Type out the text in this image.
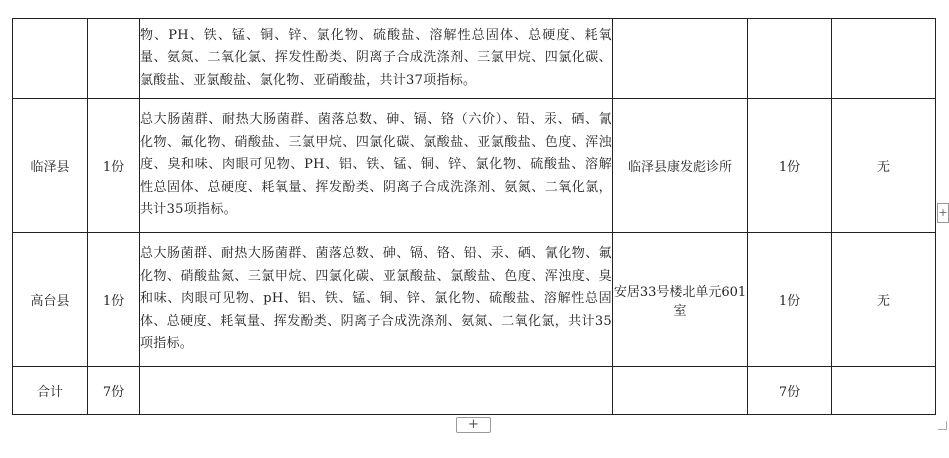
		物、PH、铁、锰、铜、锌、氯化物、硫酸盐、溶解性总固体、总硬度、耗氧量、氨氮、二氧化氯、挥发性酚类、阴离子合成洗涤剂、三氯甲烷、四氯化碳、氯酸盐、亚氯酸盐、氯化物、亚硝酸盐，共计37项指标。			
临泽县	1份	总大肠菌群、耐热大肠菌群、菌落总数、砷、镉、铬（六价）、铅、汞、硒、氰化物、氟化物、硝酸盐、三氯甲烷、四氯化碳、氯酸盐、亚氯酸盐、色度、浑浊度、臭和味、肉眼可见物、PH、铝、铁、锰、铜、锌、氯化物、硫酸盐、溶解性总固体、总硬度、耗氧量、挥发酚类、阴离子合成洗涤剂、氨氮、二氧化氯，共计35项指标。	临泽县康发彪诊所	1份	无
高台县	1份	总大肠菌群、耐热大肠菌群、菌落总数、砷、镉、铬、铅、汞、硒、氰化物、氟化物、硝酸盐氮、三氯甲烷、四氯化碳、亚氯酸盐、氯酸盐、色度、浑浊度、臭和味、肉眼可见物、pH、铝、铁、锰、铜、锌、氯化物、硫酸盐、溶解性总固体、总硬度、耗氧量、挥发酚类、阴离子合成洗涤剂、氨氮、二氧化氯，共计35项指标。	安居33号楼北单元601室	1份	无
合计	7份			7份	
+
+
